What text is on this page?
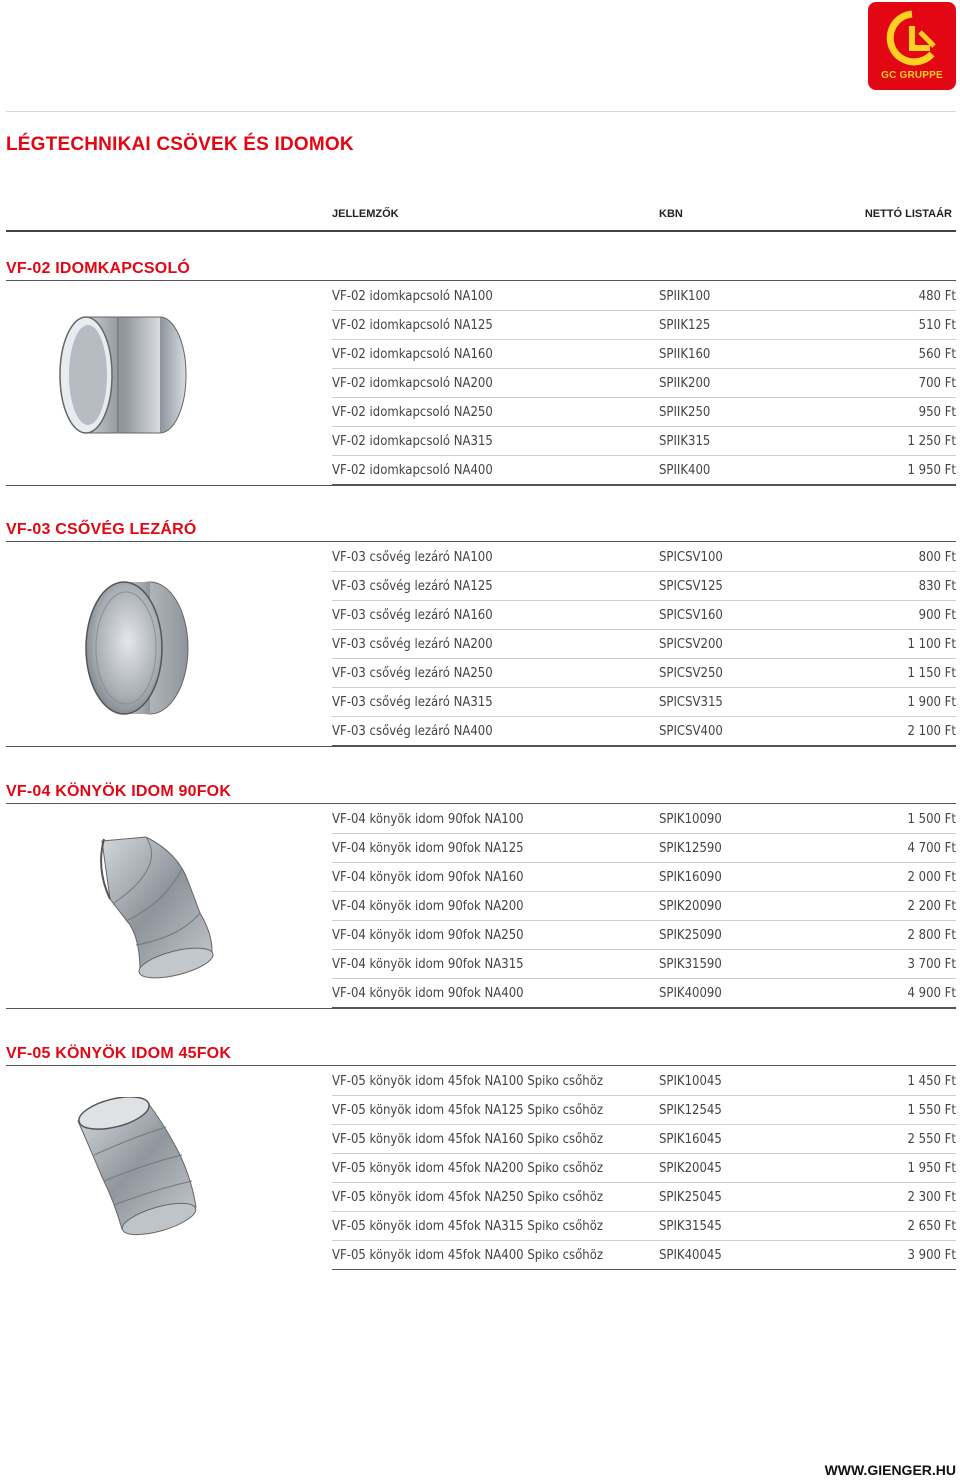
GC GRUPPE
LÉGTECHNIKAI CSÖVEK ÉS IDOMOK
JELLEMZŐK	KBN	NETTÓ LISTAÁR
VF-02 IDOMKAPCSOLÓ
VF-02 idomkapcsoló NA100	SPIIK100	480 Ft
VF-02 idomkapcsoló NA125	SPIIK125	510 Ft
VF-02 idomkapcsoló NA160	SPIIK160	560 Ft
VF-02 idomkapcsoló NA200	SPIIK200	700 Ft
VF-02 idomkapcsoló NA250	SPIIK250	950 Ft
VF-02 idomkapcsoló NA315	SPIIK315	1 250 Ft
VF-02 idomkapcsoló NA400	SPIIK400	1 950 Ft
VF-03 CSŐVÉG LEZÁRÓ
VF-03 csővég lezáró NA100	SPICSV100	800 Ft
VF-03 csővég lezáró NA125	SPICSV125	830 Ft
VF-03 csővég lezáró NA160	SPICSV160	900 Ft
VF-03 csővég lezáró NA200	SPICSV200	1 100 Ft
VF-03 csővég lezáró NA250	SPICSV250	1 150 Ft
VF-03 csővég lezáró NA315	SPICSV315	1 900 Ft
VF-03 csővég lezáró NA400	SPICSV400	2 100 Ft
VF-04 KÖNYÖK IDOM 90FOK
VF-04 könyök idom 90fok NA100	SPIK10090	1 500 Ft
VF-04 könyök idom 90fok NA125	SPIK12590	4 700 Ft
VF-04 könyök idom 90fok NA160	SPIK16090	2 000 Ft
VF-04 könyök idom 90fok NA200	SPIK20090	2 200 Ft
VF-04 könyök idom 90fok NA250	SPIK25090	2 800 Ft
VF-04 könyök idom 90fok NA315	SPIK31590	3 700 Ft
VF-04 könyök idom 90fok NA400	SPIK40090	4 900 Ft
VF-05 KÖNYÖK IDOM 45FOK
VF-05 könyök idom 45fok NA100 Spiko csőhöz	SPIK10045	1 450 Ft
VF-05 könyök idom 45fok NA125 Spiko csőhöz	SPIK12545	1 550 Ft
VF-05 könyök idom 45fok NA160 Spiko csőhöz	SPIK16045	2 550 Ft
VF-05 könyök idom 45fok NA200 Spiko csőhöz	SPIK20045	1 950 Ft
VF-05 könyök idom 45fok NA250 Spiko csőhöz	SPIK25045	2 300 Ft
VF-05 könyök idom 45fok NA315 Spiko csőhöz	SPIK31545	2 650 Ft
VF-05 könyök idom 45fok NA400 Spiko csőhöz	SPIK40045	3 900 Ft
WWW.GIENGER.HU
